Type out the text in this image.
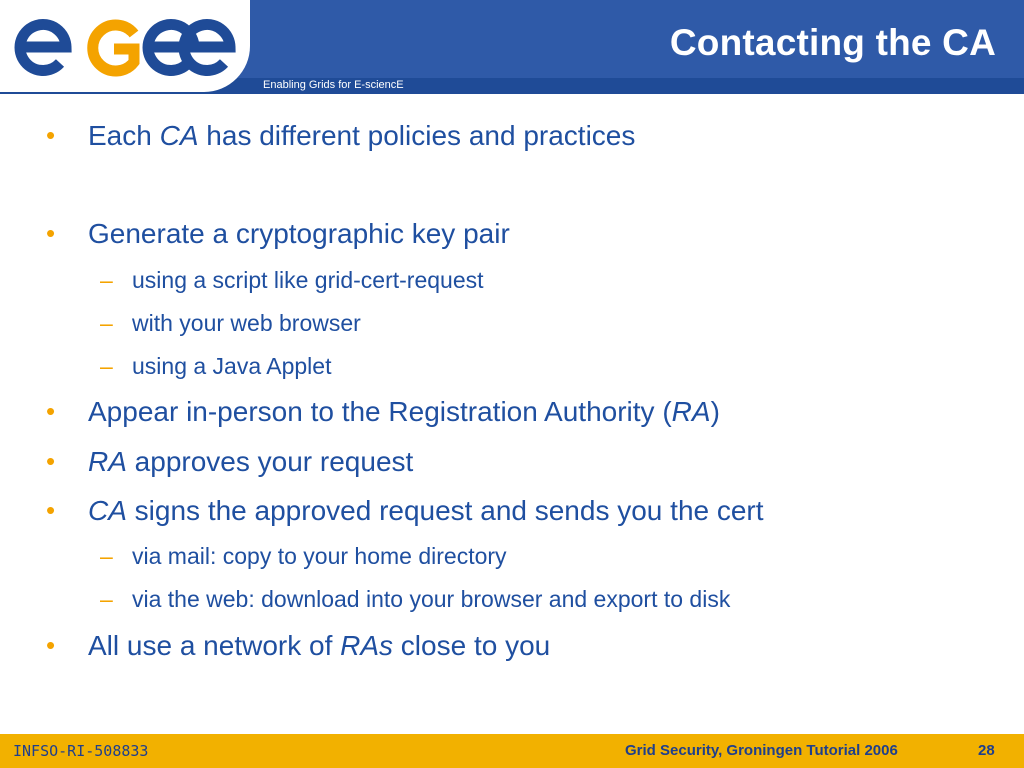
Enabling Grids for E-sciencE
Contacting the CA
• Each CA has different policies and practices
• Generate a cryptographic key pair
– using a script like grid-cert-request
– with your web browser
– using a Java Applet
• Appear in-person to the Registration Authority (RA)
• RA approves your request
• CA signs the approved request and sends you the cert
– via mail: copy to your home directory
– via the web: download into your browser and export to disk
• All use a network of RAs close to you
INFSO-RI-508833	Grid Security, Groningen Tutorial 2006	28
